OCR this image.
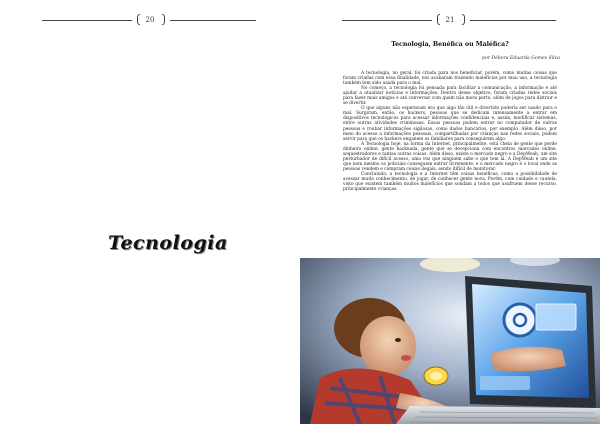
20
Tecnologia
21
Tecnologia, Benéfica ou Maléfica?
por Débora Eduarda Gomes Silva

A tecnologia, no geral, foi criada para nos beneficiar, porém, como muitas coisas que foram criadas com essa finalidade, nós acabaram trazendo malefícios por mau uso, a tecnologia também tem sido usada para o mal.

No começo, a tecnologia foi pensada para facilitar a comunicação, a informação e até ajudar a atualizar notícias e informações. Dentro desse objetivo, foram criadas redes sociais para fazer mais amigos e até conversar com quem não mora perto, além de jogos para distrair e se divertir.

O que alguns não esperavam era que algo tão útil e divertido poderia ser usado para o mal. Surgiram, então, os hackers, pessoas que se dedicam intensamente a entrar em dispositivos tecnológicos para acessar informações confidenciais e, assim, modificar sistemas, entre outras atividades criminosas. Essas pessoas podem entrar no computador de outras pessoas e roubar informações sigilosas, como dados bancários, por exemplo. Além disso, por meio do acesso a informações pessoais, compartilhadas por crianças nas redes sociais, podem servir para que os hackers enganem os familiares para conseguirem algo.

A Tecnologia hoje, na forma da Internet, principalmente, está cheia de gente que perde dinheiro online, gente hackeada, gente que se decepciona com encontros marcados online, sequestradores e tantas outras coisas. Além disso, existe o mercado negro e a DepWeab, um site perturbador de difícil acesso, uma vez que ninguém sabe o que tem lá. A DepWeab é um site que nem mesmo os policiais conseguem entrar livremente, e o mercado negro é o local onde as pessoas vendem e compram coisas ilegais, sendo difícil de monitorar.

Concluindo, a tecnologia e a Internet têm coisas benéficas, como a possibilidade de acessar muito conhecimento, de jogar, de conhecer gente nova. Porém, com cuidado e cautela, visto que existem também muitos malefícios que sondam a todos que usufruem desse recurso, principalmente crianças.
